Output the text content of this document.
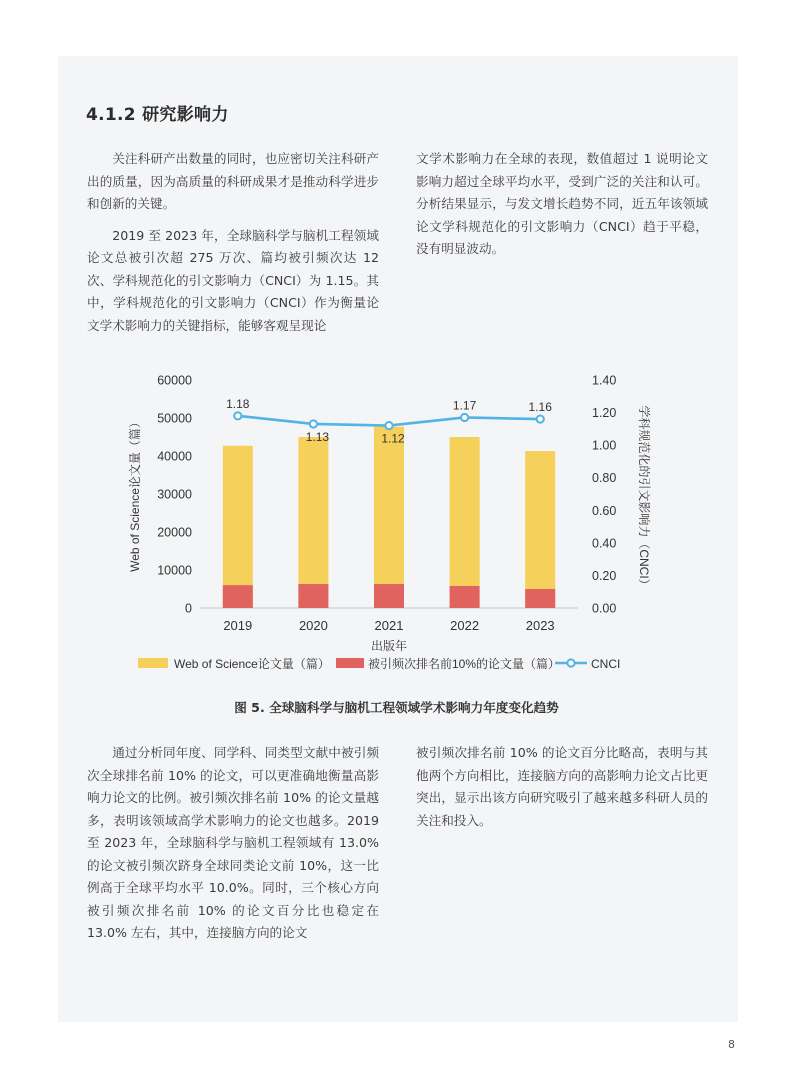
4.1.2 研究影响力

关注科研产出数量的同时，也应密切关注科研产出的质量，因为高质量的科研成果才是推动科学进步和创新的关键。

2019 至 2023 年，全球脑科学与脑机工程领域论文总被引次超 275 万次、篇均被引频次达 12 次、学科规范化的引文影响力（CNCI）为 1.15。其中，学科规范化的引文影响力（CNCI）作为衡量论文学术影响力的关键指标，能够客观呈现论

文学术影响力在全球的表现，数值超过 1 说明论文影响力超过全球平均水平，受到广泛的关注和认可。分析结果显示，与发文增长趋势不同，近五年该领域论文学科规范化的引文影响力（CNCI）趋于平稳，没有明显波动。

0
10000
20000
30000
40000
50000
60000
0.00
0.20
0.40
0.60
0.80
1.00
1.20
1.40
2019	2020	2021	2022	2023
1.18
1.13	1.12
1.17	1.16
出版年
Web of Science论文量（篇）	学科规范化的引文影响力（CNCI）
Web of Science论文量（篇）	被引频次排名前10%的论文量（篇）	CNCI
图 5. 全球脑科学与脑机工程领域学术影响力年度变化趋势

通过分析同年度、同学科、同类型文献中被引频次全球排名前 10% 的论文，可以更准确地衡量高影响力论文的比例。被引频次排名前 10% 的论文量越多，表明该领域高学术影响力的论文也越多。2019 至 2023 年，全球脑科学与脑机工程领域有 13.0% 的论文被引频次跻身全球同类论文前 10%，这一比例高于全球平均水平 10.0%。同时，三个核心方向被引频次排名前 10% 的论文百分比也稳定在 13.0% 左右，其中，连接脑方向的论文

被引频次排名前 10% 的论文百分比略高，表明与其他两个方向相比，连接脑方向的高影响力论文占比更突出，显示出该方向研究吸引了越来越多科研人员的关注和投入。

8
